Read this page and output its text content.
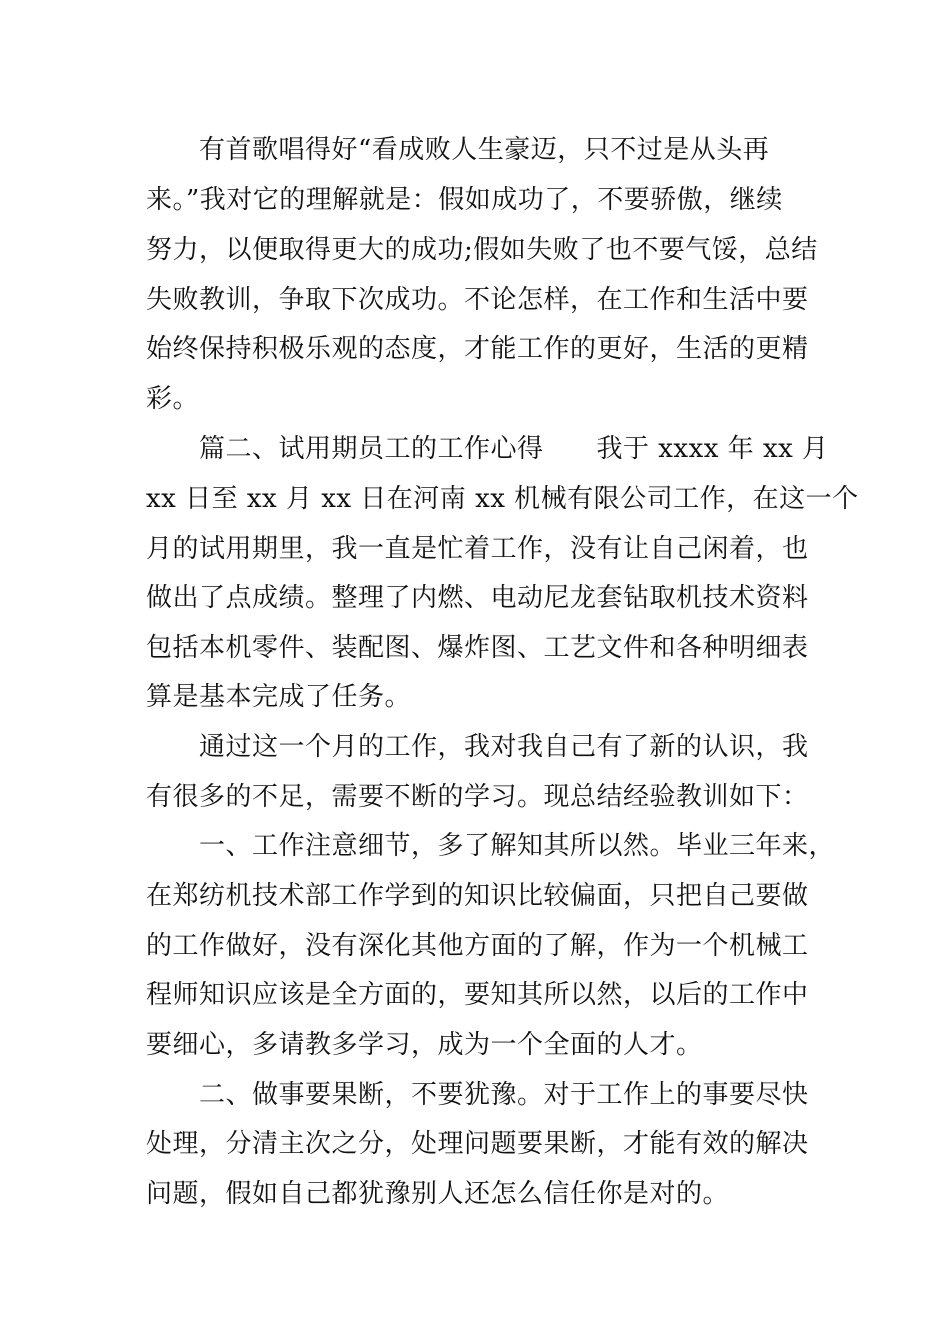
　　有首歌唱得好“看成败人生豪迈，只不过是从头再
来。”我对它的理解就是：假如成功了，不要骄傲，继续
努力，以便取得更大的成功;假如失败了也不要气馁，总结
失败教训，争取下次成功。不论怎样，在工作和生活中要
始终保持积极乐观的态度，才能工作的更好，生活的更精
彩。
　　篇二、试用期员工的工作心得　　我于 xxxx 年 xx 月
xx 日至 xx 月 xx 日在河南 xx 机械有限公司工作，在这一个
月的试用期里，我一直是忙着工作，没有让自己闲着，也
做出了点成绩。整理了内燃、电动尼龙套钻取机技术资料
包括本机零件、装配图、爆炸图、工艺文件和各种明细表
算是基本完成了任务。
　　通过这一个月的工作，我对我自己有了新的认识，我
有很多的不足，需要不断的学习。现总结经验教训如下：
　　一、工作注意细节，多了解知其所以然。毕业三年来，
在郑纺机技术部工作学到的知识比较偏面，只把自己要做
的工作做好，没有深化其他方面的了解，作为一个机械工
程师知识应该是全方面的，要知其所以然，以后的工作中
要细心，多请教多学习，成为一个全面的人才。
　　二、做事要果断，不要犹豫。对于工作上的事要尽快
处理，分清主次之分，处理问题要果断，才能有效的解决
问题，假如自己都犹豫别人还怎么信任你是对的。
